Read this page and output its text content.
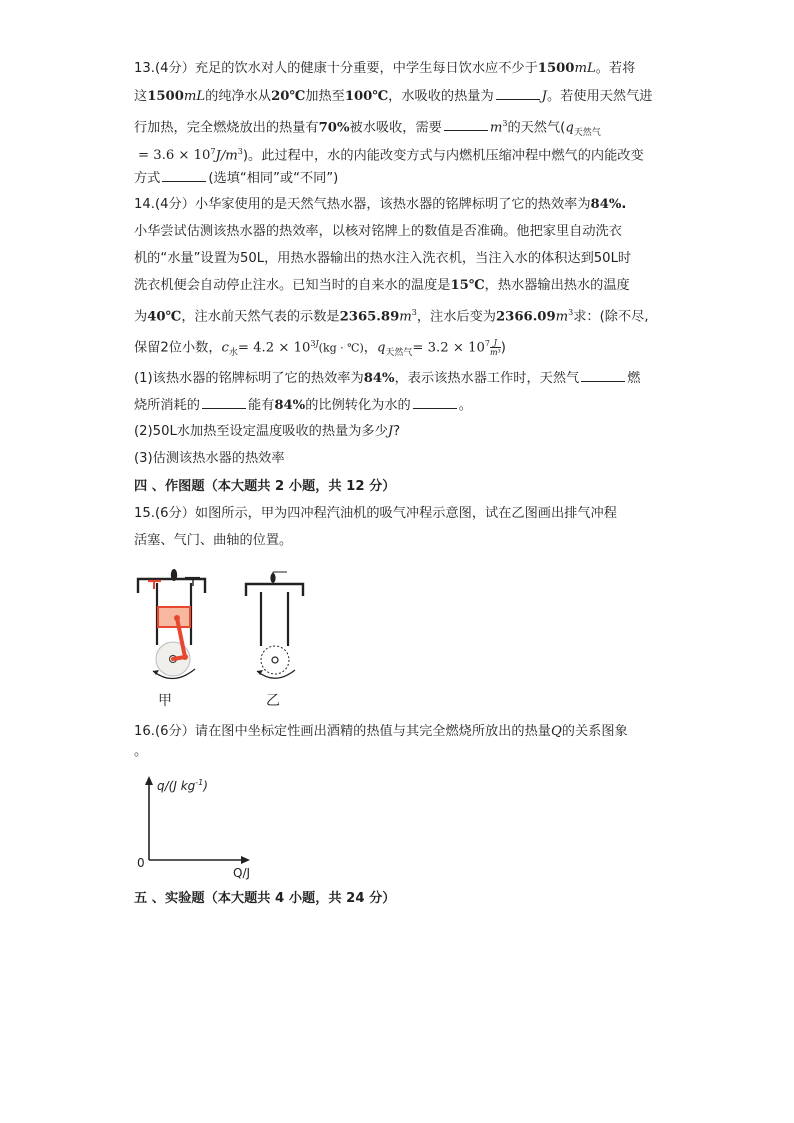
13.(4分）充足的饮水对人的健康十分重要，中学生每日饮水应不少于1500mL。若将
这1500mL的纯净水从20℃加热至100℃，水吸收的热量为	J。若使用天然气进
行加热，完全燃烧放出的热量有70%被水吸收，需要	$m^3$的天然气($q_{天然气}$
= $3.6 \times 10^7J/m^3$)。此过程中，水的内能改变方式与内燃机压缩冲程中燃气的内能改变
方式	(选填“相同”或“不同”)
14.(4分）小华家使用的是天然气热水器，该热水器的铭牌标明了它的热效率为84%.
小华尝试估测该热水器的热效率，以核对铭牌上的数值是否准确。他把家里自动洗衣
机的“水量”设置为50L，用热水器输出的热水注入洗衣机，当注入水的体积达到50L时
洗衣机便会自动停止注水。已知当时的自来水的温度是15℃，热水器输出热水的温度
为40℃，注水前天然气表的示数是$2365.89m^3$，注水后变为$2366.09m^3$求：(除不尽,
保留2位小数，$c_水= 4.2 \times 10^{3J}(kg$ · ℃)，$q_{天然气}= 3.2 \times 10^7 \frac{J}{\text{m³}}$ )
(1)该热水器的铭牌标明了它的热效率为84%，表示该热水器工作时，天然气	燃
烧所消耗的	能有84%的比例转化为水的	。
(2)50L水加热至设定温度吸收的热量为多少J?
(3)估测该热水器的热效率
四 、作图题（本大题共 2 小题，共 12 分）
15.(6分）如图所示，甲为四冲程汽油机的吸气冲程示意图，试在乙图画出排气冲程
活塞、气门、曲轴的位置。
甲	乙
16.(6分）请在图中坐标定性画出酒精的热值与其完全燃烧所放出的热量Q的关系图象
。
q/(J $kg^{-1}$)
0
Q/J
五 、实验题（本大题共 4 小题，共 24 分）
